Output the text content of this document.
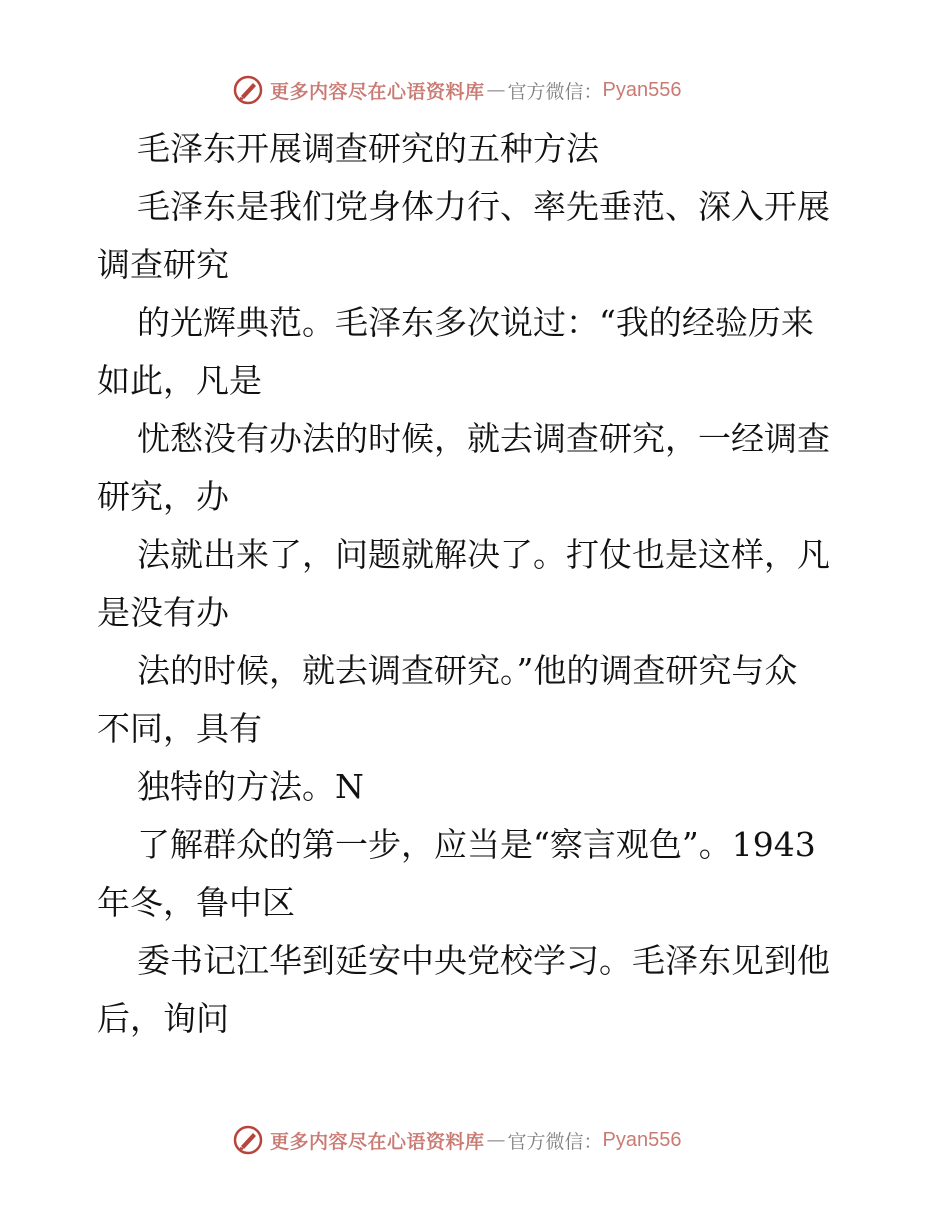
更多内容尽在心语资料库 — 官方微信： Pyan556
毛泽东开展调查研究的五种方法
毛泽东是我们党身体力行、率先垂范、深入开展
调查研究
的光辉典范。毛泽东多次说过：“我的经验历来
如此，凡是
忧愁没有办法的时候，就去调查研究，一经调查
研究，办
法就出来了，问题就解决了。打仗也是这样，凡
是没有办
法的时候，就去调查研究。”他的调查研究与众
不同，具有
独特的方法。N
了解群众的第一步，应当是“察言观色”。1943
年冬，鲁中区
委书记江华到延安中央党校学习。毛泽东见到他
后，询问
更多内容尽在心语资料库 — 官方微信： Pyan556
